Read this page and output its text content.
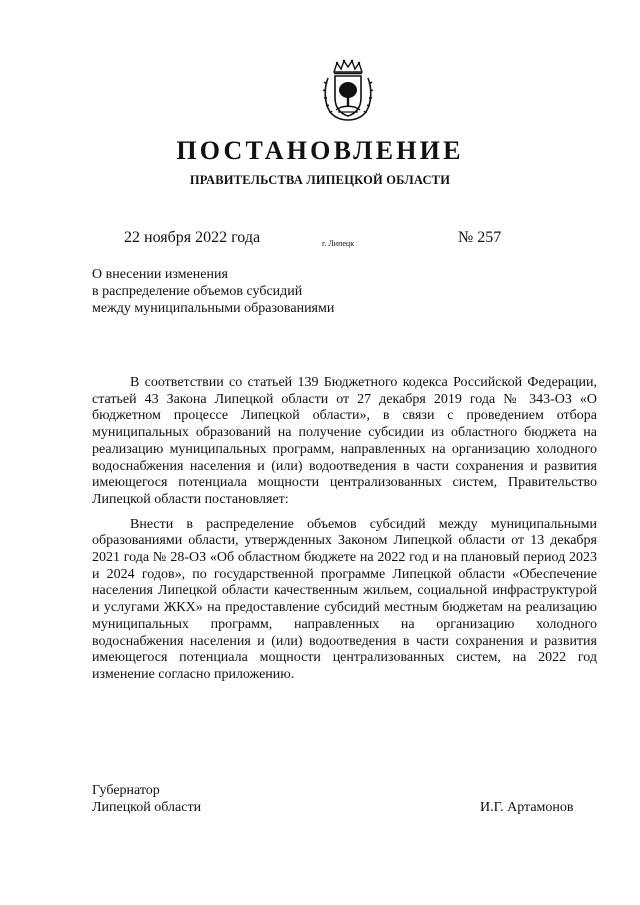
ПОСТАНОВЛЕНИЕ
ПРАВИТЕЛЬСТВА ЛИПЕЦКОЙ ОБЛАСТИ
22 ноября 2022 года	г. Липецк	№ 257
О внесении изменения
в распределение объемов субсидий
между муниципальными образованиями

В соответствии со статьей 139 Бюджетного кодекса Российской Федерации, статьей 43 Закона Липецкой области от 27 декабря 2019 года № 343-ОЗ «О бюджетном процессе Липецкой области», в связи с проведением отбора муниципальных образований на получение субсидии из областного бюджета на реализацию муниципальных программ, направленных на организацию холодного водоснабжения населения и (или) водоотведения в части сохранения и развития имеющегося потенциала мощности централизованных систем, Правительство Липецкой области постановляет:

Внести в распределение объемов субсидий между муниципальными образованиями области, утвержденных Законом Липецкой области от 13 декабря 2021 года № 28-ОЗ «Об областном бюджете на 2022 год и на плановый период 2023 и 2024 годов», по государственной программе Липецкой области «Обеспечение населения Липецкой области качественным жильем, социальной инфраструктурой и услугами ЖКХ» на предоставление субсидий местным бюджетам на реализацию муниципальных программ, направленных на организацию холодного водоснабжения населения и (или) водоотведения в части сохранения и развития имеющегося потенциала мощности централизованных систем, на 2022 год изменение согласно приложению.

Губернатор
Липецкой области	И.Г. Артамонов
